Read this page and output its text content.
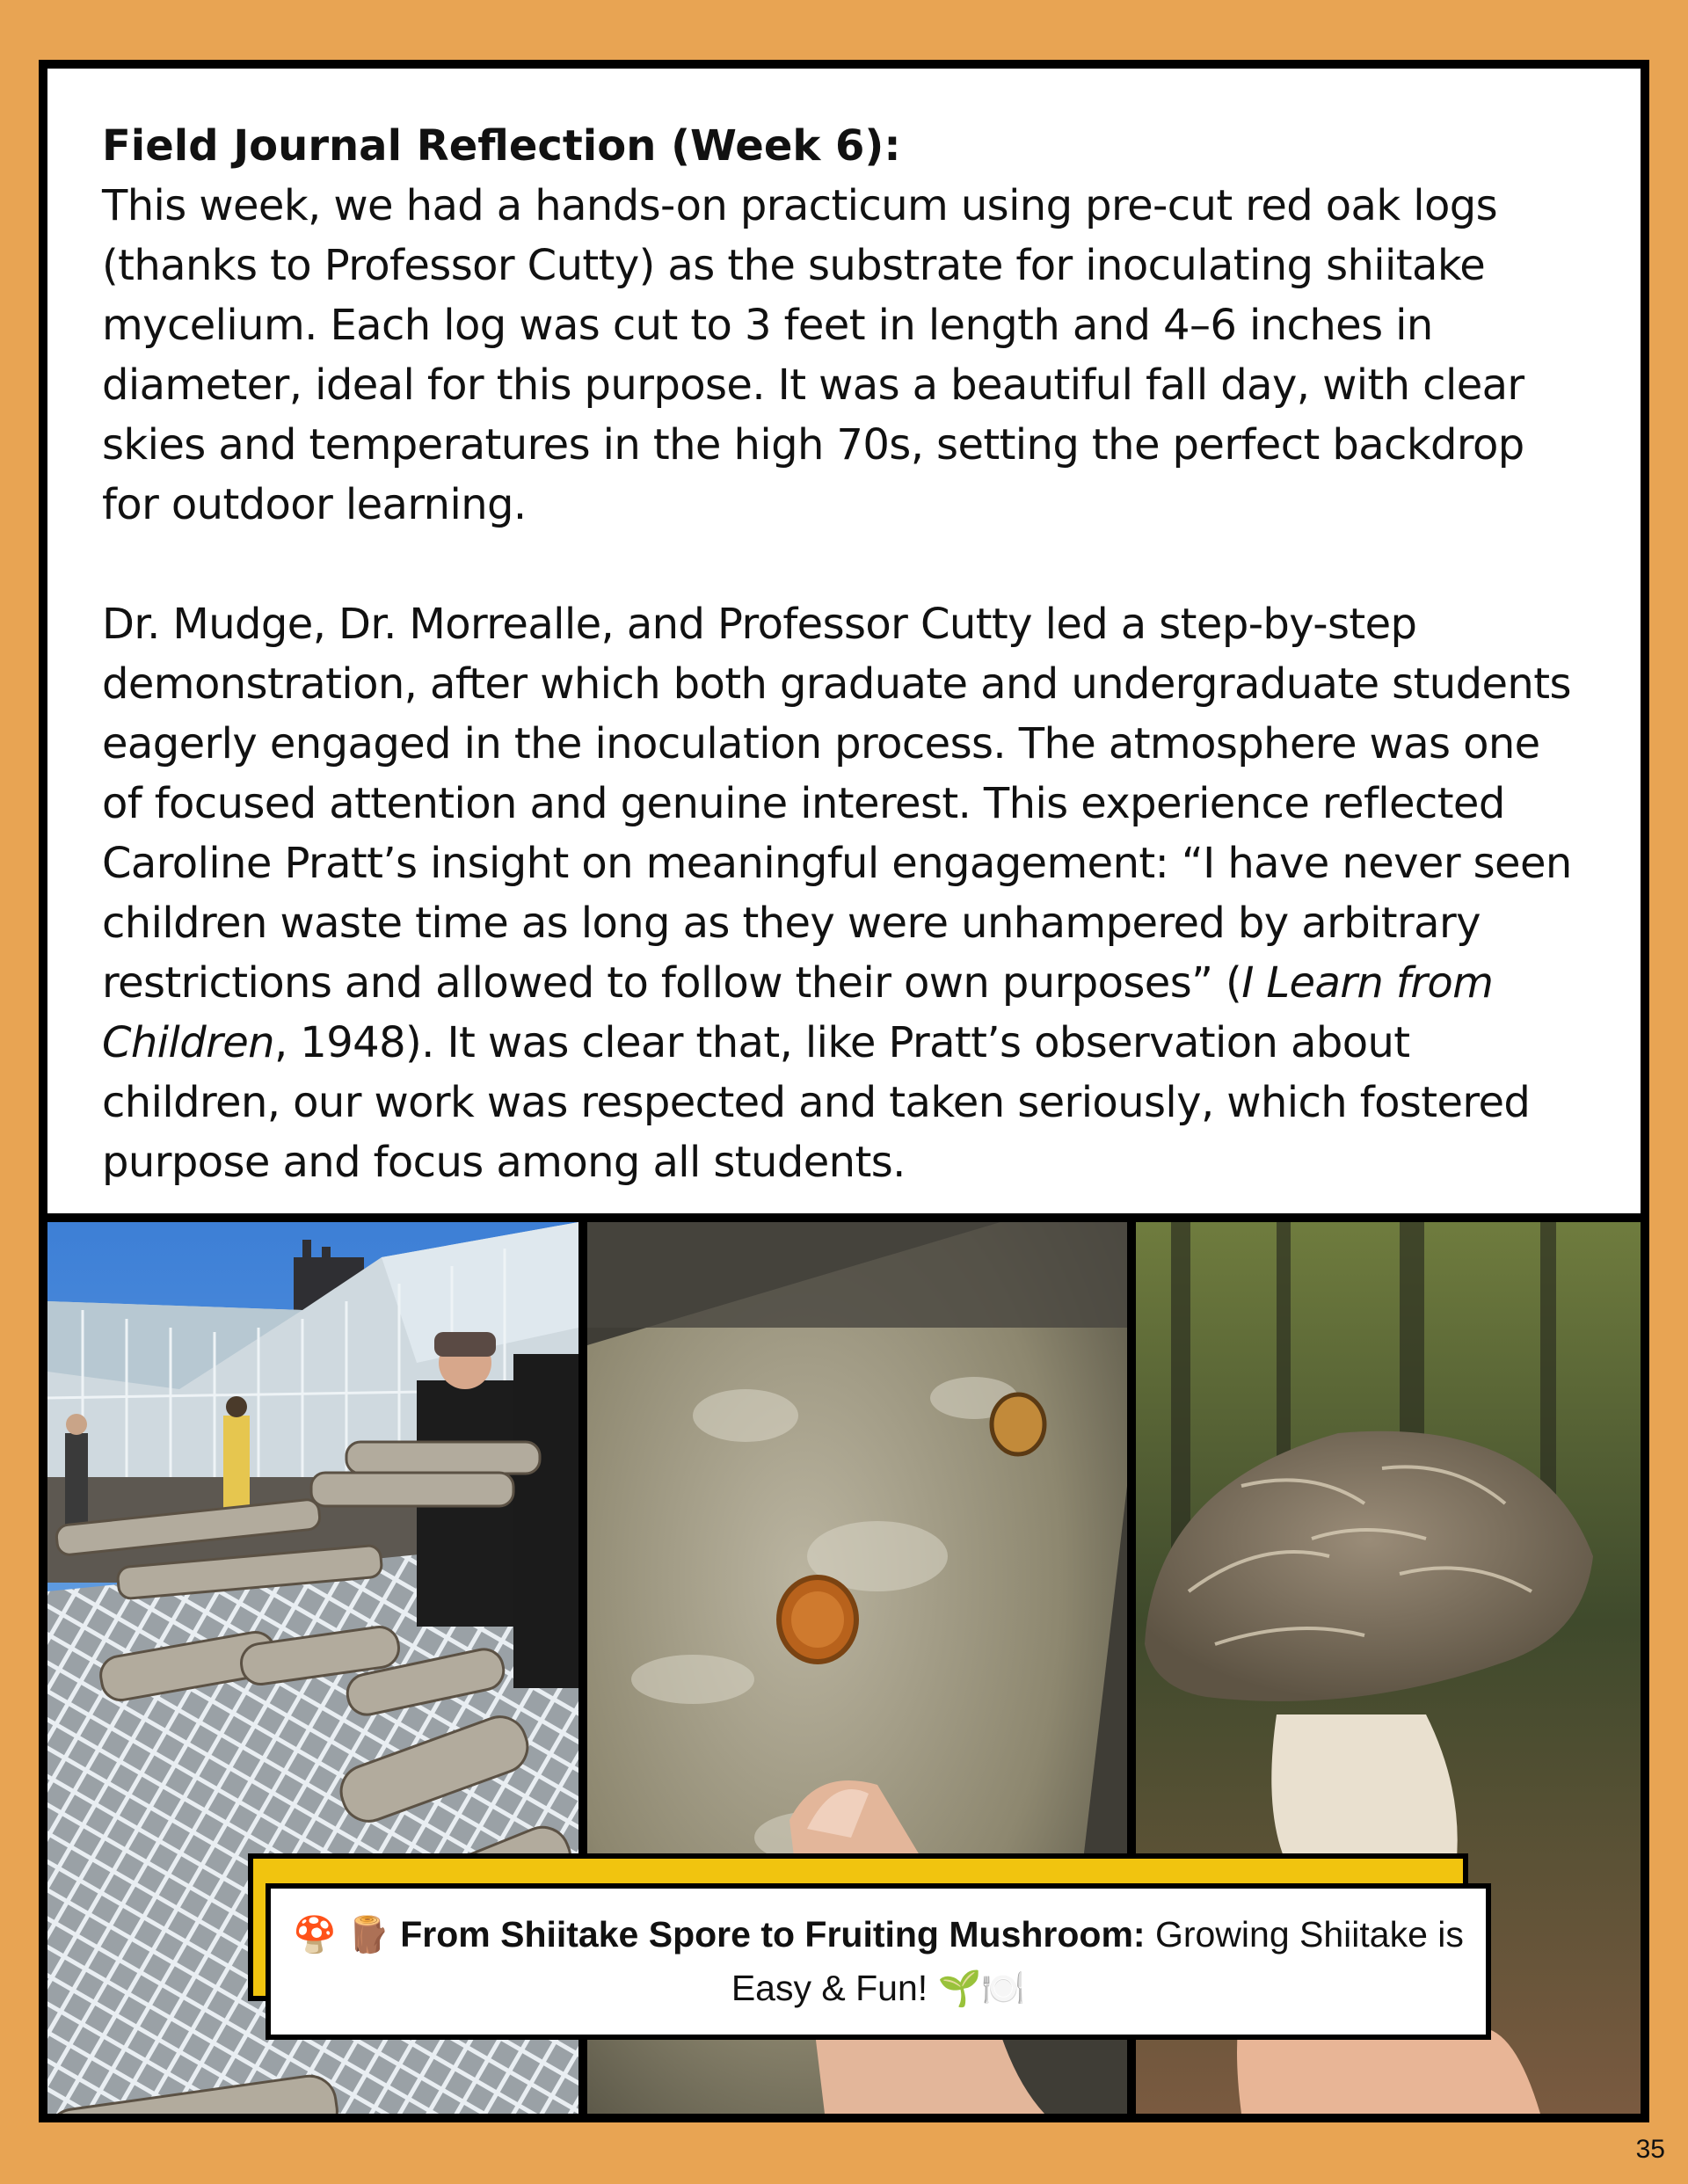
Field Journal Reflection (Week 6):

This week, we had a hands-on practicum using pre-cut red oak logs (thanks to Professor Cutty) as the substrate for inoculating shiitake mycelium. Each log was cut to 3 feet in length and 4–6 inches in diameter, ideal for this purpose. It was a beautiful fall day, with clear skies and temperatures in the high 70s, setting the perfect backdrop for outdoor learning.

Dr. Mudge, Dr. Morrealle, and Professor Cutty led a step-by-step demonstration, after which both graduate and undergraduate students eagerly engaged in the inoculation process. The atmosphere was one of focused attention and genuine interest. This experience reflected Caroline Pratt’s insight on meaningful engagement: “I have never seen children waste time as long as they were unhampered by arbitrary restrictions and allowed to follow their own purposes” (I Learn from Children, 1948). It was clear that, like Pratt’s observation about children, our work was respected and taken seriously, which fostered purpose and focus among all students.

🍄 🪵 From Shiitake Spore to Fruiting Mushroom: Growing Shiitake is Easy & Fun! 🌱🍽️
35
